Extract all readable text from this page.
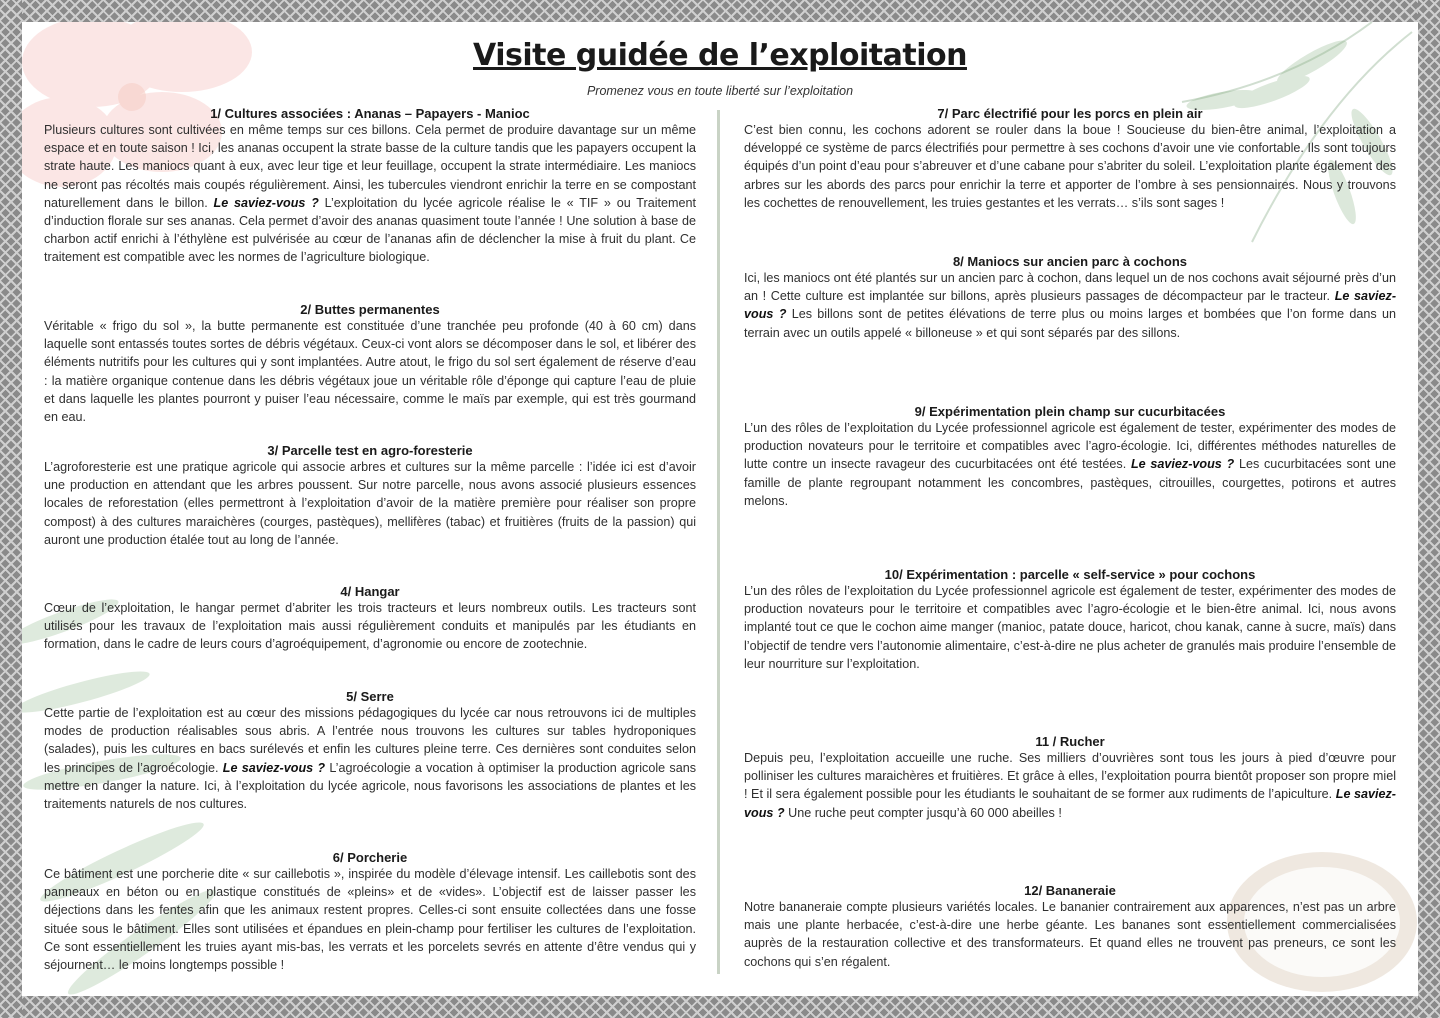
Visite guidée de l’exploitation
Promenez vous en toute liberté sur l’exploitation
1/ Cultures associées : Ananas – Papayers - Manioc

Plusieurs cultures sont cultivées en même temps sur ces billons. Cela permet de produire davantage sur un même espace et en toute saison ! Ici, les ananas occupent la strate basse de la culture tandis que les papayers occupent la strate haute. Les maniocs quant à eux, avec leur tige et leur feuillage, occupent la strate intermédiaire. Les maniocs ne seront pas récoltés mais coupés régulièrement. Ainsi, les tubercules viendront enrichir la terre en se compostant naturellement dans le billon. Le saviez-vous ? L’exploitation du lycée agricole réalise le « TIF » ou Traitement d’induction florale sur ses ananas. Cela permet d’avoir des ananas quasiment toute l’année ! Une solution à base de charbon actif enrichi à l’éthylène est pulvérisée au cœur de l’ananas afin de déclencher la mise à fruit du plant. Ce traitement est compatible avec les normes de l’agriculture biologique.

2/ Buttes permanentes

Véritable « frigo du sol », la butte permanente est constituée d’une tranchée peu profonde (40 à 60 cm) dans laquelle sont entassés toutes sortes de débris végétaux. Ceux-ci vont alors se décomposer dans le sol, et libérer des éléments nutritifs pour les cultures qui y sont implantées. Autre atout, le frigo du sol sert également de réserve d’eau : la matière organique contenue dans les débris végétaux joue un véritable rôle d’éponge qui capture l’eau de pluie et dans laquelle les plantes pourront y puiser l’eau nécessaire, comme le maïs par exemple, qui est très gourmand en eau.

3/ Parcelle test en agro-foresterie

L’agroforesterie est une pratique agricole qui associe arbres et cultures sur la même parcelle : l’idée ici est d’avoir une production en attendant que les arbres poussent. Sur notre parcelle, nous avons associé plusieurs essences locales de reforestation (elles permettront à l’exploitation d’avoir de la matière première pour réaliser son propre compost) à des cultures maraichères (courges, pastèques), mellifères (tabac) et fruitières (fruits de la passion) qui auront une production étalée tout au long de l’année.

4/ Hangar

Cœur de l’exploitation, le hangar permet d’abriter les trois tracteurs et leurs nombreux outils. Les tracteurs sont utilisés pour les travaux de l’exploitation mais aussi régulièrement conduits et manipulés par les étudiants en formation, dans le cadre de leurs cours d’agroéquipement, d’agronomie ou encore de zootechnie.

5/ Serre

Cette partie de l’exploitation est au cœur des missions pédagogiques du lycée car nous retrouvons ici de multiples modes de production réalisables sous abris. A l’entrée nous trouvons les cultures sur tables hydroponiques (salades), puis les cultures en bacs surélevés et enfin les cultures pleine terre. Ces dernières sont conduites selon les principes de l’agroécologie. Le saviez-vous ? L’agroécologie a vocation à optimiser la production agricole sans mettre en danger la nature. Ici, à l’exploitation du lycée agricole, nous favorisons les associations de plantes et les traitements naturels de nos cultures.

6/ Porcherie

Ce bâtiment est une porcherie dite « sur caillebotis », inspirée du modèle d’élevage intensif. Les caillebotis sont des panneaux en béton ou en plastique constitués de «pleins» et de «vides». L’objectif est de laisser passer les déjections dans les fentes afin que les animaux restent propres. Celles-ci sont ensuite collectées dans une fosse située sous le bâtiment. Elles sont utilisées et épandues en plein-champ pour fertiliser les cultures de l’exploitation. Ce sont essentiellement les truies ayant mis-bas, les verrats et les porcelets sevrés en attente d’être vendus qui y séjournent… le moins longtemps possible !

7/ Parc électrifié pour les porcs en plein air

C’est bien connu, les cochons adorent se rouler dans la boue ! Soucieuse du bien-être animal, l’exploitation a développé ce système de parcs électrifiés pour permettre à ses cochons d’avoir une vie confortable. Ils sont toujours équipés d’un point d’eau pour s’abreuver et d’une cabane pour s’abriter du soleil. L’exploitation plante également des arbres sur les abords des parcs pour enrichir la terre et apporter de l’ombre à ses pensionnaires. Nous y trouvons les cochettes de renouvellement, les truies gestantes et les verrats… s’ils sont sages !

8/ Maniocs sur ancien parc à cochons

Ici, les maniocs ont été plantés sur un ancien parc à cochon, dans lequel un de nos cochons avait séjourné près d’un an ! Cette culture est implantée sur billons, après plusieurs passages de décompacteur par le tracteur. Le saviez-vous ? Les billons sont de petites élévations de terre plus ou moins larges et bombées que l’on forme dans un terrain avec un outils appelé « billoneuse » et qui sont séparés par des sillons.

9/ Expérimentation plein champ sur cucurbitacées

L’un des rôles de l’exploitation du Lycée professionnel agricole est également de tester, expérimenter des modes de production novateurs pour le territoire et compatibles avec l’agro-écologie. Ici, différentes méthodes naturelles de lutte contre un insecte ravageur des cucurbitacées ont été testées. Le saviez-vous ? Les cucurbitacées sont une famille de plante regroupant notamment les concombres, pastèques, citrouilles, courgettes, potirons et autres melons.

10/ Expérimentation : parcelle « self-service » pour cochons

L’un des rôles de l’exploitation du Lycée professionnel agricole est également de tester, expérimenter des modes de production novateurs pour le territoire et compatibles avec l’agro-écologie et le bien-être animal. Ici, nous avons implanté tout ce que le cochon aime manger (manioc, patate douce, haricot, chou kanak, canne à sucre, maïs) dans l’objectif de tendre vers l’autonomie alimentaire, c’est-à-dire ne plus acheter de granulés mais produire l’ensemble de leur nourriture sur l’exploitation.

11 / Rucher

Depuis peu, l’exploitation accueille une ruche. Ses milliers d’ouvrières sont tous les jours à pied d’œuvre pour polliniser les cultures maraichères et fruitières. Et grâce à elles, l’exploitation pourra bientôt proposer son propre miel ! Et il sera également possible pour les étudiants le souhaitant de se former aux rudiments de l’apiculture. Le saviez-vous ? Une ruche peut compter jusqu’à 60 000 abeilles !

12/ Bananeraie

Notre bananeraie compte plusieurs variétés locales. Le bananier contrairement aux apparences, n’est pas un arbre mais une plante herbacée, c’est-à-dire une herbe géante. Les bananes sont essentiellement commercialisées auprès de la restauration collective et des transformateurs. Et quand elles ne trouvent pas preneurs, ce sont les cochons qui s’en régalent.
